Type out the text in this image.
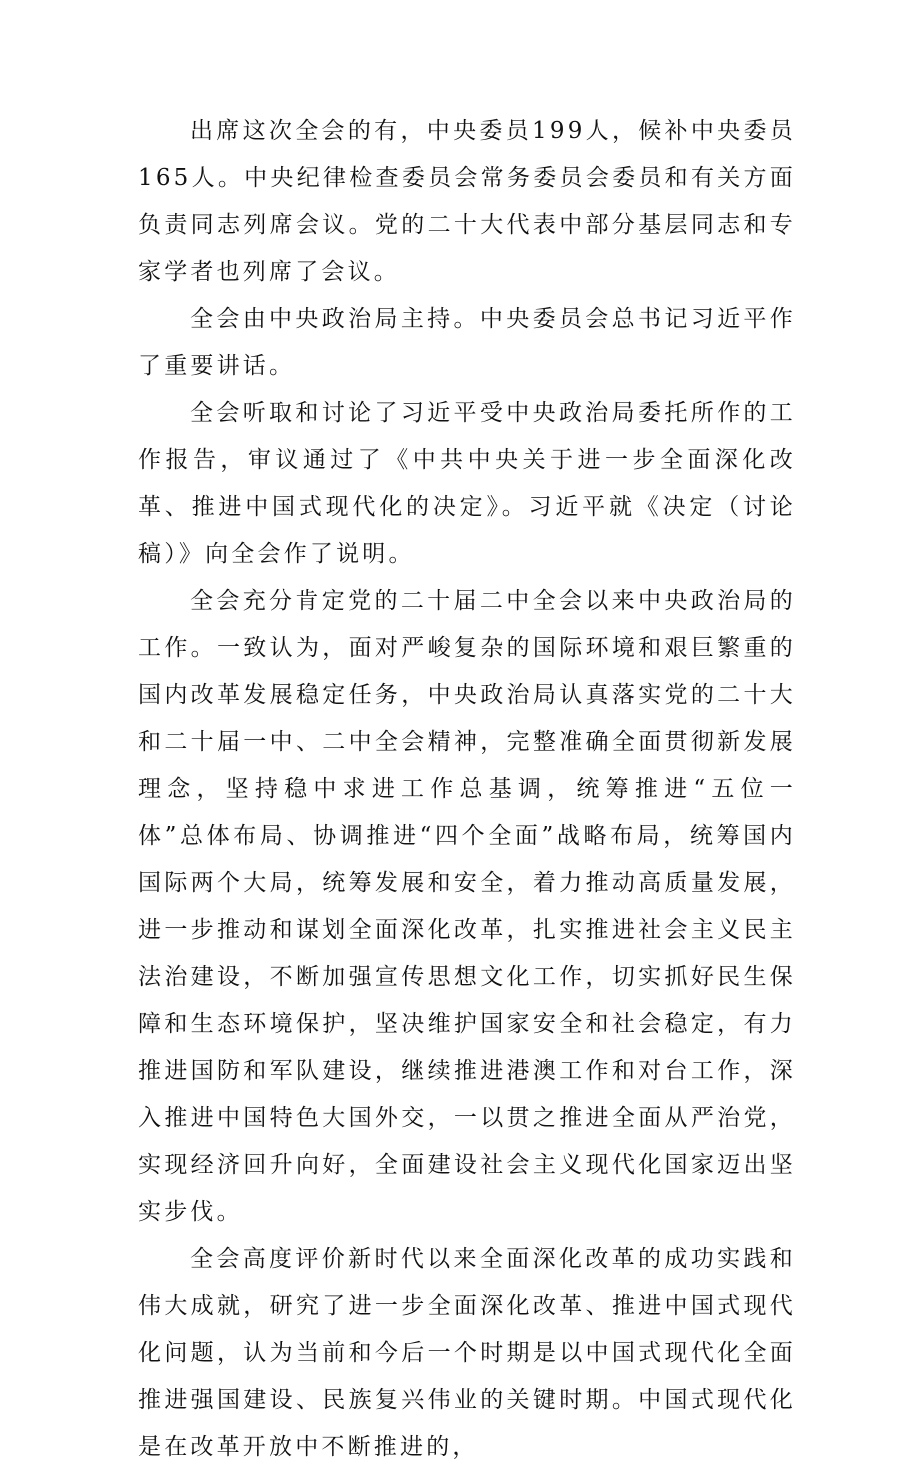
出席这次全会的有，中央委员199人，候补中央委员165人。中央纪律检查委员会常务委员会委员和有关方面负责同志列席会议。党的二十大代表中部分基层同志和专家学者也列席了会议。

全会由中央政治局主持。中央委员会总书记习近平作了重要讲话。

全会听取和讨论了习近平受中央政治局委托所作的工作报告，审议通过了《中共中央关于进一步全面深化改革、推进中国式现代化的决定》。习近平就《决定（讨论稿）》向全会作了说明。

全会充分肯定党的二十届二中全会以来中央政治局的工作。一致认为，面对严峻复杂的国际环境和艰巨繁重的国内改革发展稳定任务，中央政治局认真落实党的二十大和二十届一中、二中全会精神，完整准确全面贯彻新发展理念，坚持稳中求进工作总基调，统筹推进“五位一体”总体布局、协调推进“四个全面”战略布局，统筹国内国际两个大局，统筹发展和安全，着力推动高质量发展，进一步推动和谋划全面深化改革，扎实推进社会主义民主法治建设，不断加强宣传思想文化工作，切实抓好民生保障和生态环境保护，坚决维护国家安全和社会稳定，有力推进国防和军队建设，继续推进港澳工作和对台工作，深入推进中国特色大国外交，一以贯之推进全面从严治党，实现经济回升向好，全面建设社会主义现代化国家迈出坚实步伐。

全会高度评价新时代以来全面深化改革的成功实践和伟大成就，研究了进一步全面深化改革、推进中国式现代化问题，认为当前和今后一个时期是以中国式现代化全面推进强国建设、民族复兴伟业的关键时期。中国式现代化是在改革开放中不断推进的，
